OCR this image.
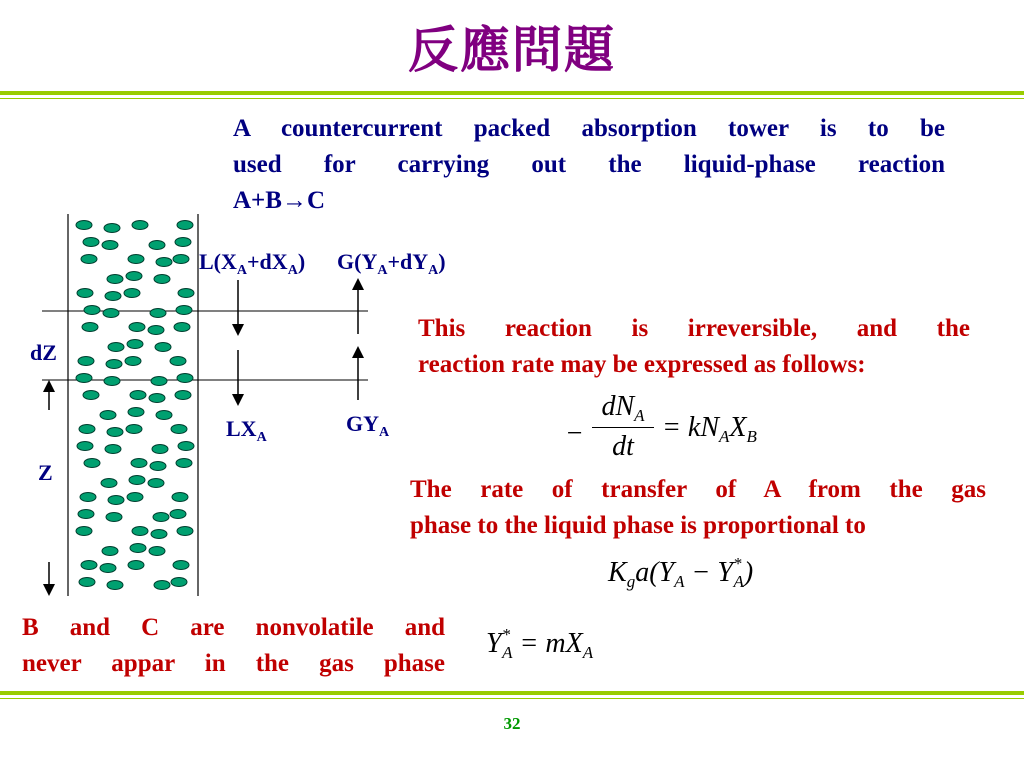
反應問題
A countercurrent packed absorption tower is to be
used for carrying out the liquid-phase reaction
A+B→C
$L(X_A+dX_A)$ $G(Y_A+dY_A)$
$LX_A$
$GY_A$
dZ
Z
This reaction is irreversible, and the
reaction rate may be expressed as follows:
−
$dN_A$
dt
= $kN_AX_B$
The rate of transfer of A from the gas
phase to the liquid phase is proportional to
$K_ga(Y_A - Y^*_A)$
B and C are nonvolatile and
never appar in the gas phase
$Y^*_A = mX_A$
32
